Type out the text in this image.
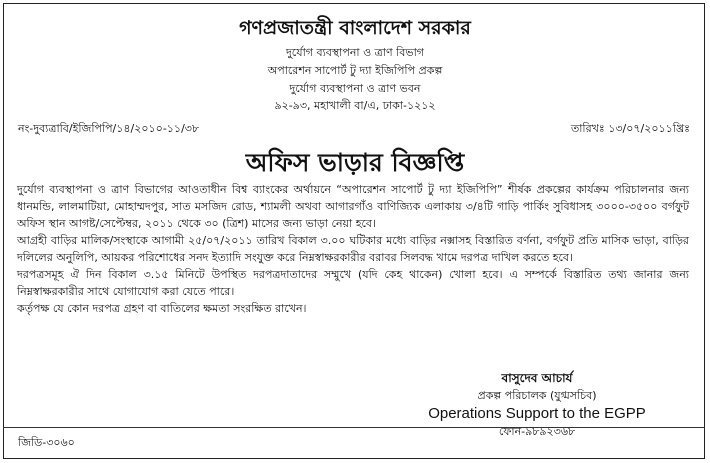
গণপ্রজাতন্ত্রী বাংলাদেশ সরকার
দুর্যোগ ব্যবস্থাপনা ও ত্রাণ বিভাগ
অপারেশন সাপোর্ট টু দ্যা ইজিপিপি প্রকল্প
দুর্যোগ ব্যবস্থাপনা ও ত্রাণ ভবন
৯২-৯৩, মহাখালী বা/এ, ঢাকা-১২১২
নং-দুব্যত্রাবি/ইজিপিপি/১৪/২০১০-১১/৩৮	তারিখঃ ১৩/০৭/২০১১খ্রিঃ
অফিস ভাড়ার বিজ্ঞপ্তি

দুর্যোগ ব্যবস্থাপনা ও ত্রাণ বিভাগের আওতাধীন বিশ্ব ব্যাংকের অর্থায়নে “অপারেশন সাপোর্ট টু দ্যা ইজিপিপি” শীর্ষক প্রকল্পের কার্যক্রম পরিচালনার জন্য ধানমন্ডি, লালমাটিয়া, মোহাম্মদপুর, সাত মসজিদ রোড, শ্যামলী অথবা আগারগাঁও বাণিজ্যিক এলাকায় ৩/৪টি গাড়ি পার্কিং সুবিধাসহ ৩০০০-৩৫০০ বর্গফুট অফিস স্থান আগষ্ট/সেপ্টেম্বর, ২০১১ থেকে ৩০ (ত্রিশ) মাসের জন্য ভাড়া নেয়া হবে।

আগ্রহী বাড়ির মালিক/সংস্থাকে আগামী ২৫/০৭/২০১১ তারিখ বিকাল ৩.০০ ঘটিকার মধ্যে বাড়ির নক্সাসহ বিস্তারিত বর্ণনা, বর্গফুট প্রতি মাসিক ভাড়া, বাড়ির দলিলের অনুলিপি, আয়কর পরিশোধের সনদ ইত্যাদি সংযুক্ত করে নিম্নস্বাক্ষরকারীর বরাবর সিলবদ্ধ খামে দরপত্র দাখিল করতে হবে।

দরপত্রসমূহ ঐ দিন বিকাল ৩.১৫ মিনিটে উপস্থিত দরপত্রদাতাদের সম্মুখে (যদি কেহ থাকেন) খোলা হবে। এ সম্পর্কে বিস্তারিত তথ্য জানার জন্য নিম্নস্বাক্ষরকারীর সাথে যোগাযোগ করা যেতে পারে।

কর্তৃপক্ষ যে কোন দরপত্র গ্রহণ বা বাতিলের ক্ষমতা সংরক্ষিত রাখেন।

বাসুদেব আচার্য
প্রকল্প পরিচালক (যুগ্মসচিব)
Operations Support to the EGPP
ফোন-৯৮৯২৩৬৮
জিডি-৩০৬০
